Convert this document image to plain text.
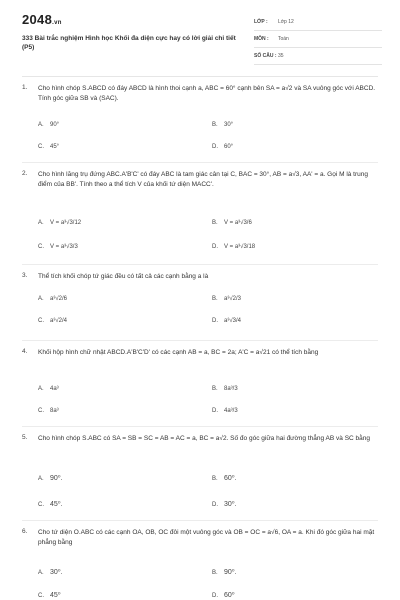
2048.vn
333 Bài trắc nghiệm Hình học Khối đa diện cực hay có lời giải chi tiết (P5)
LỚP : Lớp 12
MÔN : Toán
SỐ CÂU : 35
1. Cho hình chóp S.ABCD có đáy ABCD là hình thoi cạnh a, ABC = 60° cạnh bên SA = a√2 và SA vuông góc với ABCD. Tính góc giữa SB và (SAC).
A. 90°	B. 30°
C. 45°	D. 60°
2. Cho hình lăng trụ đứng ABC.A'B'C' có đáy ABC là tam giác cân tại C, BAC = 30°, AB = a√3, AA' = a. Gọi M là trung điểm của BB'. Tính theo a thể tích V của khối tứ diện MACC'.
A. V = a³√3/12	B. V = a³√3/6
C. V = a³√3/3	D. V = a³√3/18
3. Thể tích khối chóp tứ giác đều có tất cả các cạnh bằng a là
A. a³√2/6	B. a³√2/3
C. a³√2/4	D. a³√3/4
4. Khối hộp hình chữ nhật ABCD.A'B'C'D' có các cạnh AB = a, BC = 2a; A'C = a√21 có thể tích bằng
A. 4a³	B. 8a³/3
C. 8a³	D. 4a³/3
5. Cho hình chóp S.ABC có SA = SB = SC = AB = AC = a, BC = a√2. Số đo góc giữa hai đường thẳng AB và SC bằng
A. 90⁰.	B. 60⁰.
C. 45⁰.	D. 30⁰.
6. Cho tứ diện O.ABC có các cạnh OA, OB, OC đôi một vuông góc và OB = OC = a√6, OA = a. Khi đó góc giữa hai mặt phẳng bằng
A. 30⁰.	B. 90⁰.
C. 45⁰	D. 60⁰
